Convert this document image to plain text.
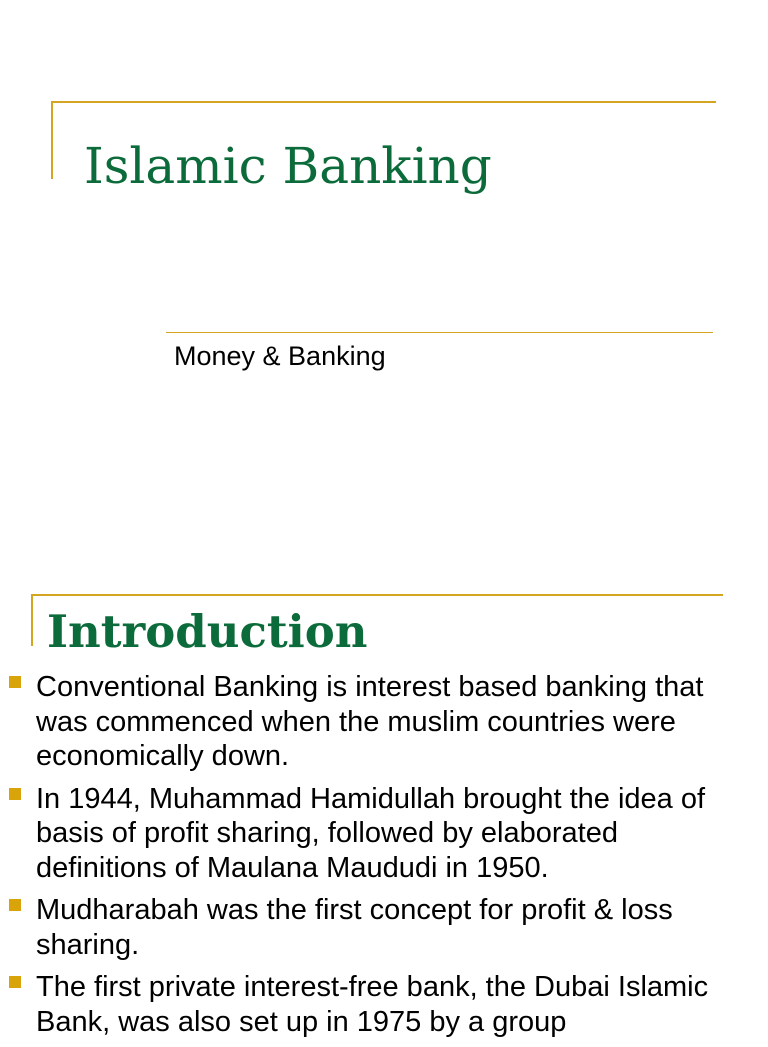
Islamic Banking

Money & Banking

Introduction
Conventional Banking is interest based banking that was commenced when the muslim countries were economically down.
In 1944, Muhammad Hamidullah brought the idea of basis of profit sharing, followed by elaborated definitions of Maulana Maududi in 1950.
Mudharabah was the first concept for profit & loss sharing.
The first private interest-free bank, the Dubai Islamic Bank, was also set up in 1975 by a group
